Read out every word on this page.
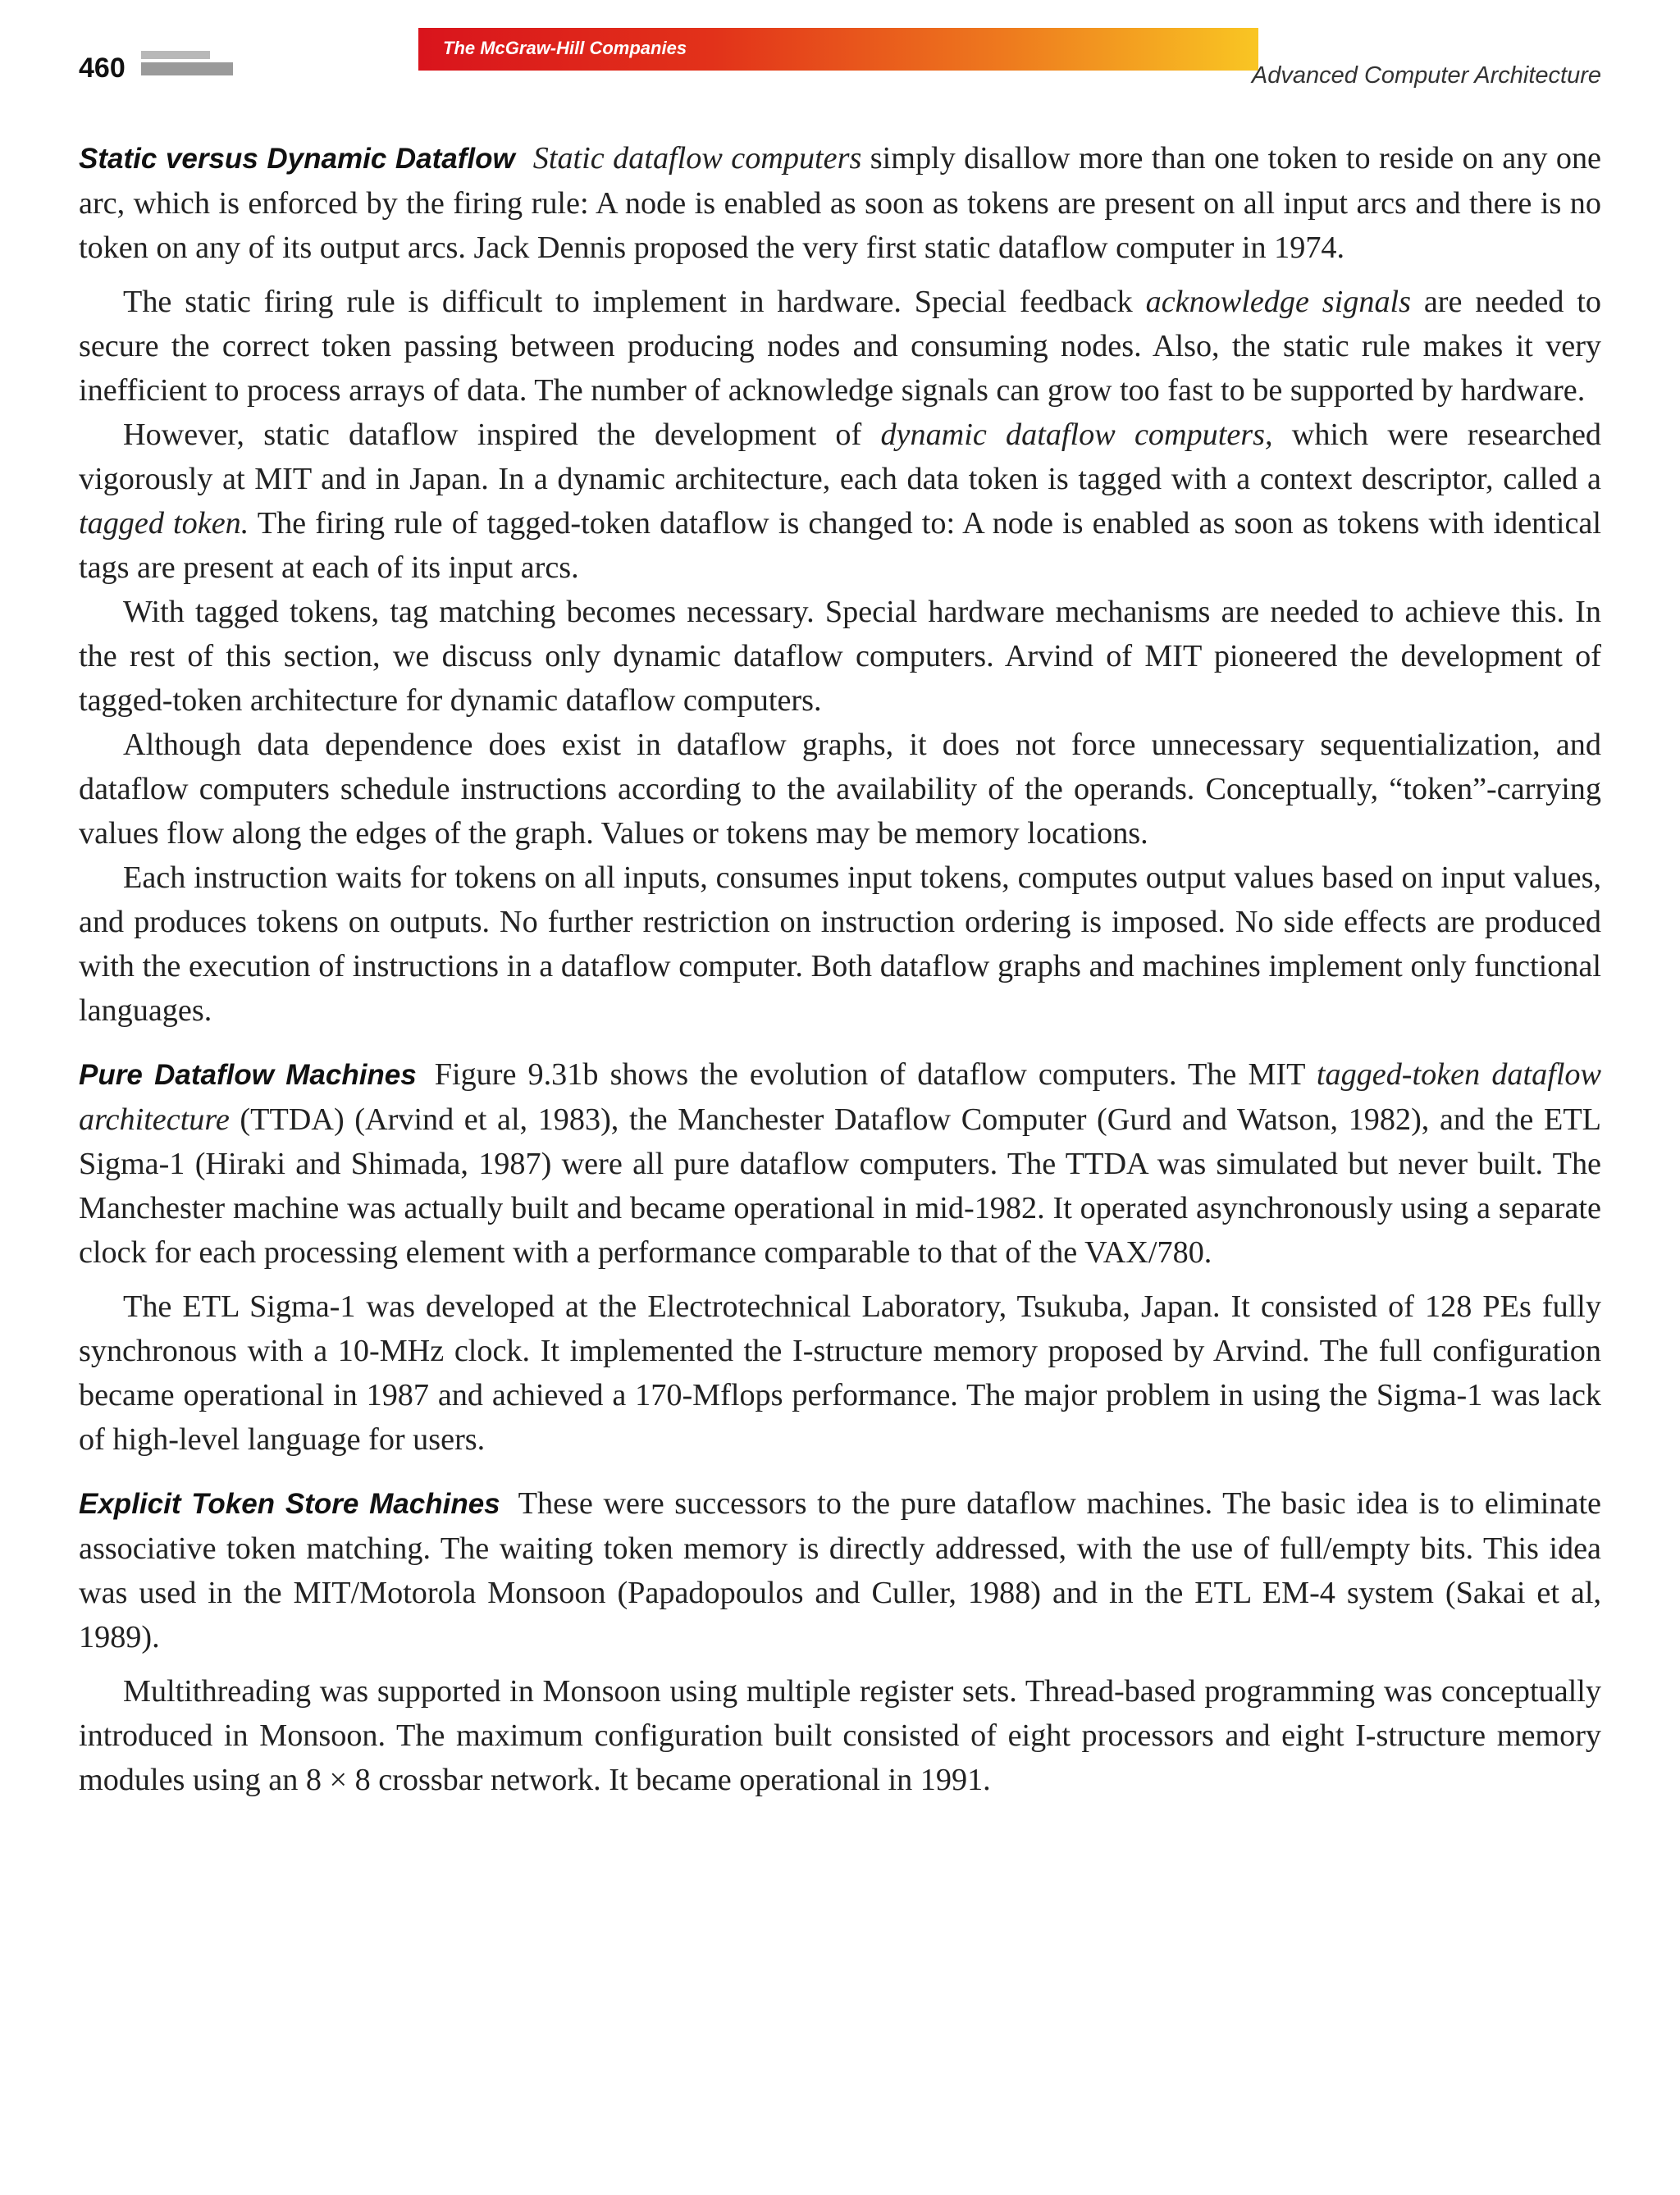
460
The McGraw-Hill Companies
Advanced Computer Architecture

Static versus Dynamic Dataflow Static dataflow computers simply disallow more than one token to reside on any one arc, which is enforced by the firing rule: A node is enabled as soon as tokens are present on all input arcs and there is no token on any of its output arcs. Jack Dennis proposed the very first static dataflow computer in 1974.

The static firing rule is difficult to implement in hardware. Special feedback acknowledge signals are needed to secure the correct token passing between producing nodes and consuming nodes. Also, the static rule makes it very inefficient to process arrays of data. The number of acknowledge signals can grow too fast to be supported by hardware.

However, static dataflow inspired the development of dynamic dataflow computers, which were researched vigorously at MIT and in Japan. In a dynamic architecture, each data token is tagged with a context descriptor, called a tagged token. The firing rule of tagged-token dataflow is changed to: A node is enabled as soon as tokens with identical tags are present at each of its input arcs.

With tagged tokens, tag matching becomes necessary. Special hardware mechanisms are needed to achieve this. In the rest of this section, we discuss only dynamic dataflow computers. Arvind of MIT pioneered the development of tagged-token architecture for dynamic dataflow computers.

Although data dependence does exist in dataflow graphs, it does not force unnecessary sequentialization, and dataflow computers schedule instructions according to the availability of the operands. Conceptually, “token”-carrying values flow along the edges of the graph. Values or tokens may be memory locations.

Each instruction waits for tokens on all inputs, consumes input tokens, computes output values based on input values, and produces tokens on outputs. No further restriction on instruction ordering is imposed. No side effects are produced with the execution of instructions in a dataflow computer. Both dataflow graphs and machines implement only functional languages.

Pure Dataflow Machines Figure 9.31b shows the evolution of dataflow computers. The MIT tagged-token dataflow architecture (TTDA) (Arvind et al, 1983), the Manchester Dataflow Computer (Gurd and Watson, 1982), and the ETL Sigma-1 (Hiraki and Shimada, 1987) were all pure dataflow computers. The TTDA was simulated but never built. The Manchester machine was actually built and became operational in mid-1982. It operated asynchronously using a separate clock for each processing element with a performance comparable to that of the VAX/780.

The ETL Sigma-1 was developed at the Electrotechnical Laboratory, Tsukuba, Japan. It consisted of 128 PEs fully synchronous with a 10-MHz clock. It implemented the I-structure memory proposed by Arvind. The full configuration became operational in 1987 and achieved a 170-Mflops performance. The major problem in using the Sigma-1 was lack of high-level language for users.

Explicit Token Store Machines These were successors to the pure dataflow machines. The basic idea is to eliminate associative token matching. The waiting token memory is directly addressed, with the use of full/empty bits. This idea was used in the MIT/Motorola Monsoon (Papadopoulos and Culler, 1988) and in the ETL EM-4 system (Sakai et al, 1989).

Multithreading was supported in Monsoon using multiple register sets. Thread-based programming was conceptually introduced in Monsoon. The maximum configuration built consisted of eight processors and eight I-structure memory modules using an 8 × 8 crossbar network. It became operational in 1991.
